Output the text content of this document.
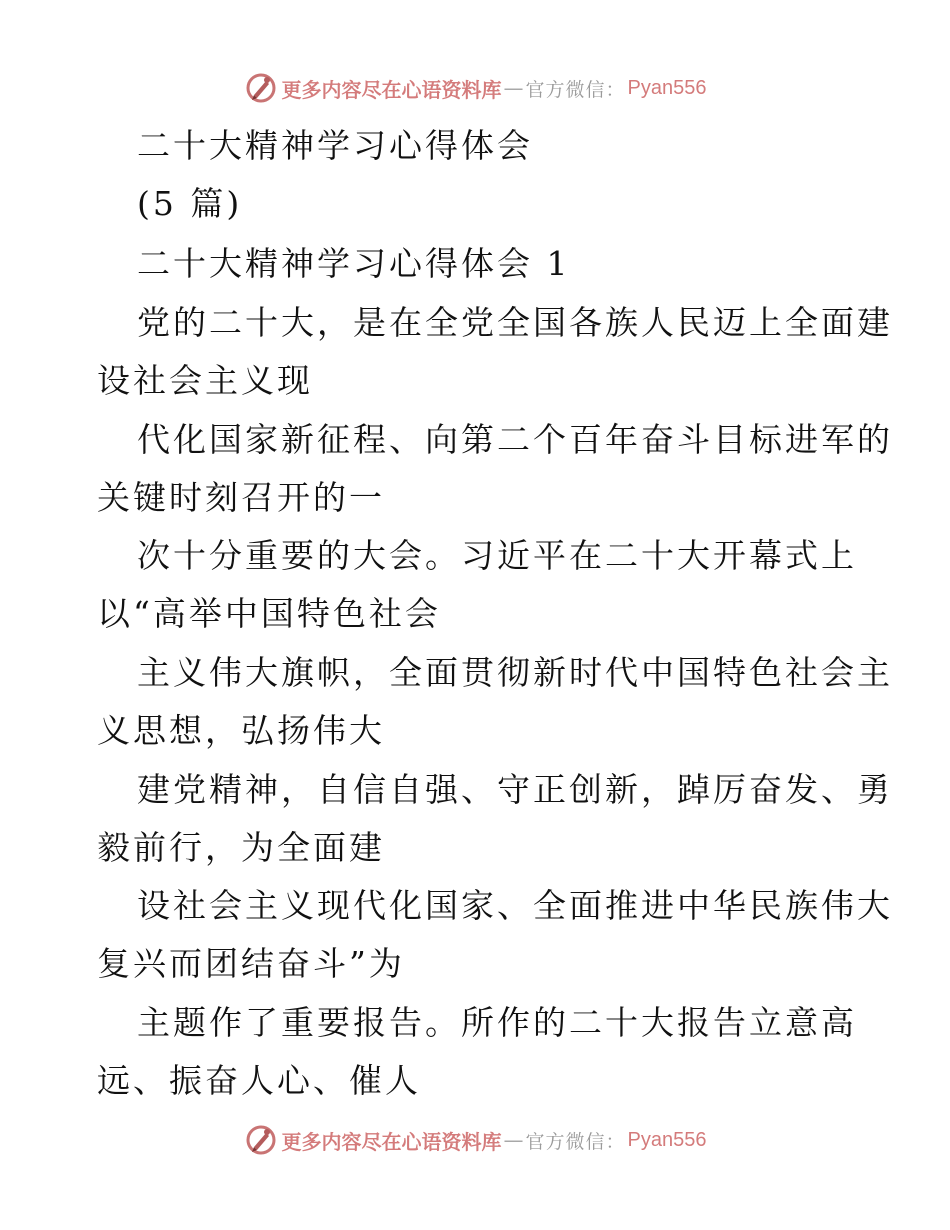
更多内容尽在心语资料库 — 官方微信： Pyan556
二十大精神学习心得体会
(5 篇)
二十大精神学习心得体会 1
党的二十大，是在全党全国各族人民迈上全面建
设社会主义现
代化国家新征程、向第二个百年奋斗目标进军的
关键时刻召开的一
次十分重要的大会。习近平在二十大开幕式上
以“高举中国特色社会
主义伟大旗帜，全面贯彻新时代中国特色社会主
义思想，弘扬伟大
建党精神，自信自强、守正创新，踔厉奋发、勇
毅前行，为全面建
设社会主义现代化国家、全面推进中华民族伟大
复兴而团结奋斗”为
主题作了重要报告。所作的二十大报告立意高
远、振奋人心、催人
更多内容尽在心语资料库 — 官方微信： Pyan556
